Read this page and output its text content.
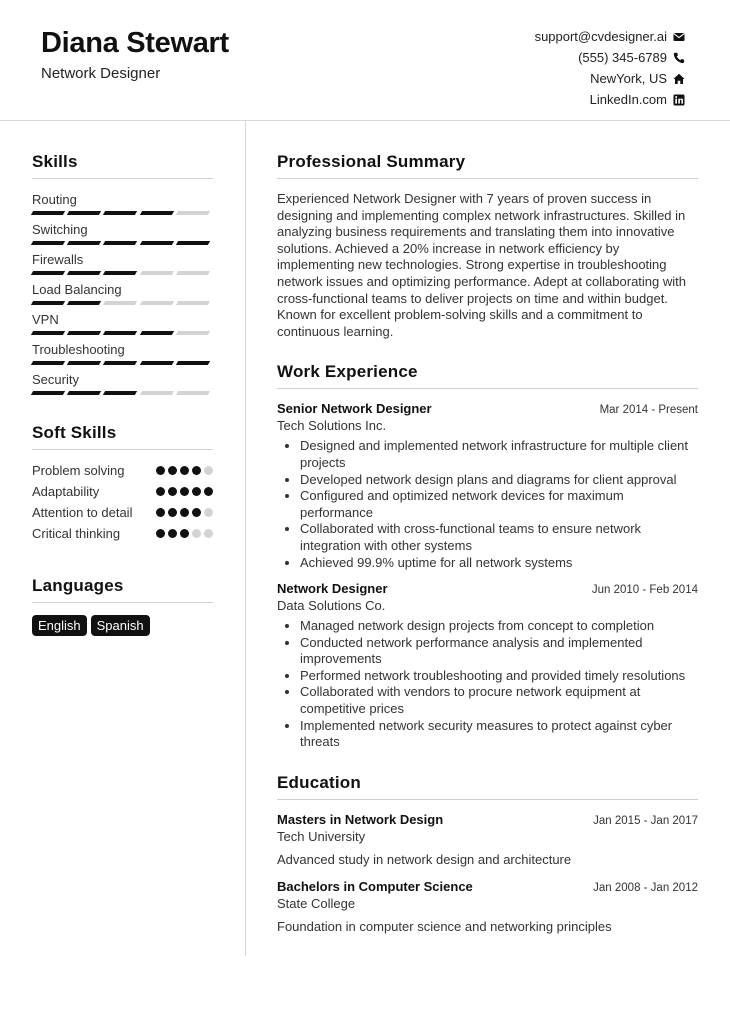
Diana Stewart
Network Designer
support@cvdesigner.ai
(555) 345-6789
NewYork, US
LinkedIn.com
Skills
Routing
Switching
Firewalls
Load Balancing
VPN
Troubleshooting
Security
Soft Skills
Problem solving
Adaptability
Attention to detail
Critical thinking
Languages
English	Spanish
Professional Summary

Experienced Network Designer with 7 years of proven success in designing and implementing complex network infrastructures. Skilled in analyzing business requirements and translating them into innovative solutions. Achieved a 20% increase in network efficiency by implementing new technologies. Strong expertise in troubleshooting network issues and optimizing performance. Adept at collaborating with cross-functional teams to deliver projects on time and within budget. Known for excellent problem-solving skills and a commitment to continuous learning.

Work Experience
Senior Network Designer	Mar 2014 - Present
Tech Solutions Inc.
• Designed and implemented network infrastructure for multiple client projects
• Developed network design plans and diagrams for client approval
• Configured and optimized network devices for maximum performance
• Collaborated with cross-functional teams to ensure network integration with other systems
• Achieved 99.9% uptime for all network systems
Network Designer	Jun 2010 - Feb 2014
Data Solutions Co.
• Managed network design projects from concept to completion
• Conducted network performance analysis and implemented improvements
• Performed network troubleshooting and provided timely resolutions
• Collaborated with vendors to procure network equipment at competitive prices
• Implemented network security measures to protect against cyber threats
Education
Masters in Network Design	Jan 2015 - Jan 2017
Tech University
Advanced study in network design and architecture
Bachelors in Computer Science	Jan 2008 - Jan 2012
State College
Foundation in computer science and networking principles
